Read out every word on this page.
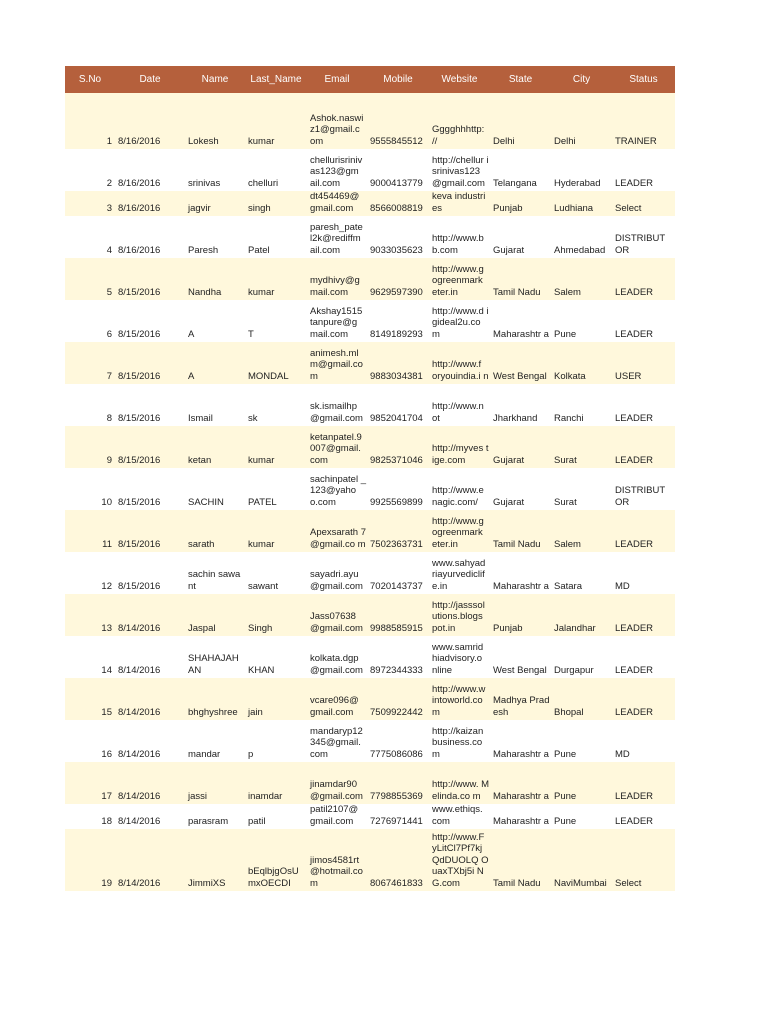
S.No	Date	Name	Last_Name	Email	Mobile	Website	State	City	Status
1	8/16/2016	Lokesh	kumar	Ashok.naswi z1@gmail.c om	9555845512	Gggghhhttp: //	Delhi	Delhi	TRAINER
2	8/16/2016	srinivas	chelluri	chellurisriniv as123@gm ail.com	9000413779	http://chellur isrinivas123 @gmail.com	Telangana	Hyderabad	LEADER
3	8/16/2016	jagvir	singh	dt454469@ gmail.com	8566008819	keva industries	Punjab	Ludhiana	Select
4	8/16/2016	Paresh	Patel	paresh_pate l2k@rediffm ail.com	9033035623	http://www.b b.com	Gujarat	Ahmedabad	DISTRIBUT OR
5	8/15/2016	Nandha	kumar	mydhivy@g mail.com	9629597390	http://www.g ogreenmark eter.in	Tamil Nadu	Salem	LEADER
6	8/15/2016	A	T	Akshay1515 tanpure@g mail.com	8149189293	http://www.d igideal2u.co m	Maharashtr a	Pune	LEADER
7	8/15/2016	A	MONDAL	animesh.ml m@gmail.co m	9883034381	http://www.f oryouindia.i n	West Bengal	Kolkata	USER
8	8/15/2016	Ismail	sk	sk.ismailhp @gmail.com	9852041704	http://www.n ot	Jharkhand	Ranchi	LEADER
9	8/15/2016	ketan	kumar	ketanpatel.9 007@gmail. com	9825371046	http://myves tige.com	Gujarat	Surat	LEADER
10	8/15/2016	SACHIN	PATEL	sachinpatel _123@yaho o.com	9925569899	http://www.e nagic.com/	Gujarat	Surat	DISTRIBUT OR
11	8/15/2016	sarath	kumar	Apexsarath 7@gmail.co m	7502363731	http://www.g ogreenmark eter.in	Tamil Nadu	Salem	LEADER
12	8/15/2016	sachin sawant	sawant	sayadri.ayu @gmail.com	7020143737	www.sahyad riayurvediclif e.in	Maharashtr a	Satara	MD
13	8/14/2016	Jaspal	Singh	Jass07638 @gmail.com	9988585915	http://jasssol utions.blogs pot.in	Punjab	Jalandhar	LEADER
14	8/14/2016	SHAHAJAH AN	KHAN	kolkata.dgp @gmail.com	8972344333	www.samrid hiadvisory.o nline	West Bengal	Durgapur	LEADER
15	8/14/2016	bhghyshree	jain	vcare096@ gmail.com	7509922442	http://www.w intoworld.co m	Madhya Pradesh	Bhopal	LEADER
16	8/14/2016	mandar	p	mandaryp12 345@gmail. com	7775086086	http://kaizan business.co m	Maharashtr a	Pune	MD
17	8/14/2016	jassi	inamdar	jinamdar90 @gmail.com	7798855369	http://www. Melinda.co m	Maharashtr a	Pune	LEADER
18	8/14/2016	parasram	patil	patil2107@ gmail.com	7276971441	www.ethiqs. com	Maharashtr a	Pune	LEADER
19	8/14/2016	JimmiXS	bEqlbjgOsU mxOECDI	jimos4581rt @hotmail.co m	8067461833	http://www.F yLitCl7Pf7kj QdDUOLQ OuaxTXbj5i NG.com	Tamil Nadu	NaviMumbai	Select
